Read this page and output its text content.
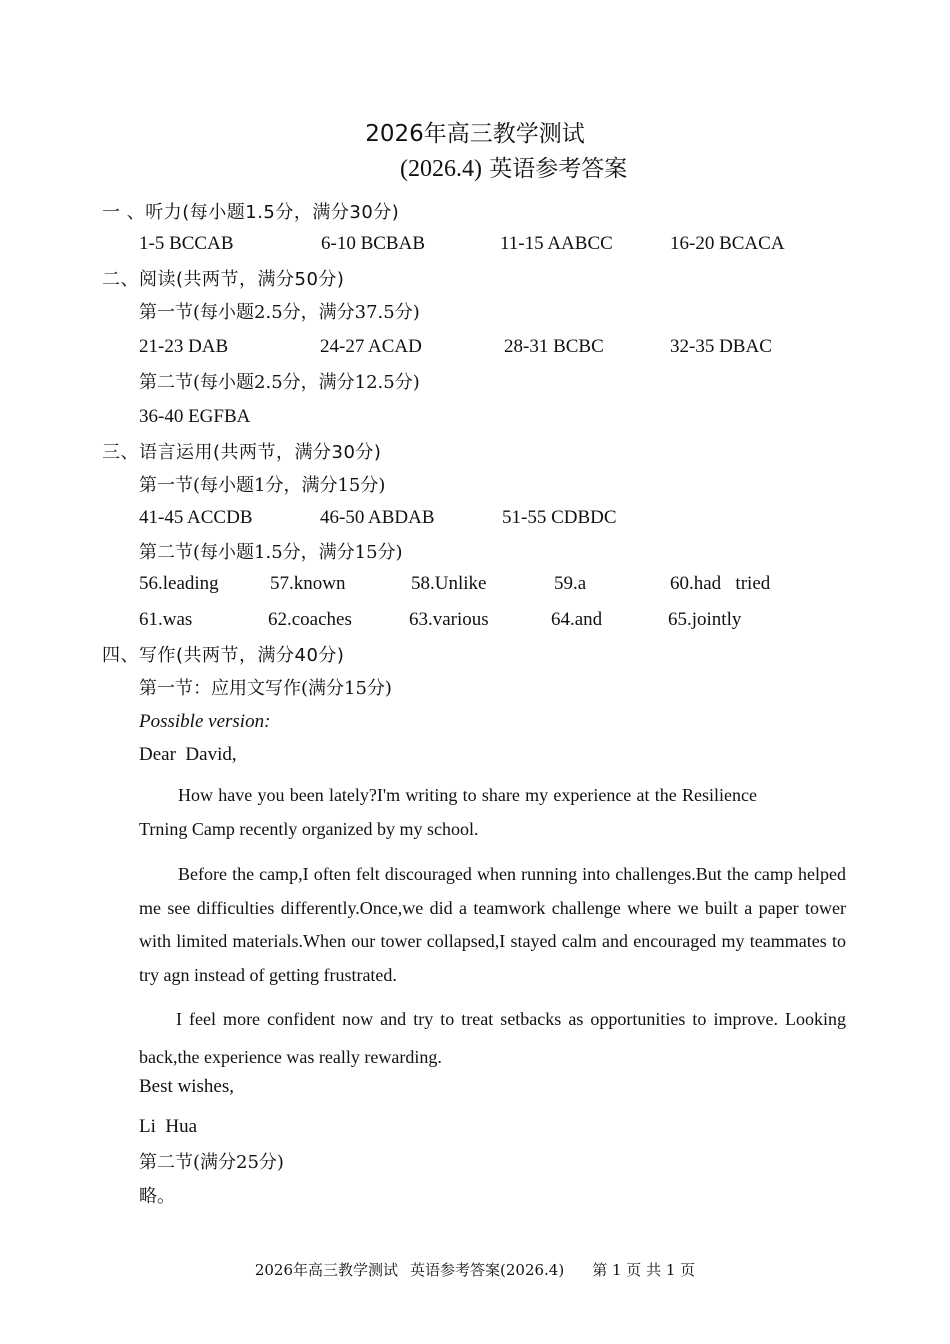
2026年高三教学测试
(2026.4) 英语参考答案
一 、听力(每小题1.5分，满分30分)
1-5 BCCAB	6-10 BCBAB	11-15 AABCC	16-20 BCACA
二、阅读(共两节，满分50分)
第一节(每小题2.5分，满分37.5分)
21-23 DAB	24-27 ACAD	28-31 BCBC	32-35 DBAC
第二节(每小题2.5分，满分12.5分)
36-40 EGFBA
三、语言运用(共两节，满分30分)
第一节(每小题1分，满分15分)
41-45 ACCDB	46-50 ABDAB	51-55 CDBDC
第二节(每小题1.5分，满分15分)
56.leading	57.known	58.Unlike	59.a	60.had   tried
61.was	62.coaches	63.various	64.and	65.jointly
四、写作(共两节，满分40分)
第一节：应用文写作(满分15分)
Possible version:
Dear  David,
How have you been lately?I'm writing to share my experience at the Resilience Trning Camp recently organized by my school.
Before the camp,I often felt discouraged when running into challenges.But the camp helped me see difficulties differently.Once,we did a teamwork challenge where we built a paper tower with limited materials.When our tower collapsed,I stayed calm and encouraged my teammates to try agn instead of getting frustrated.
I feel more confident now and try to treat setbacks as opportunities to improve. Looking back,the experience was really rewarding.
Best wishes,
Li  Hua
第二节(满分25分)
略。
2026年高三教学测试 英语参考答案(2026.4) 第 1 页 共 1 页
